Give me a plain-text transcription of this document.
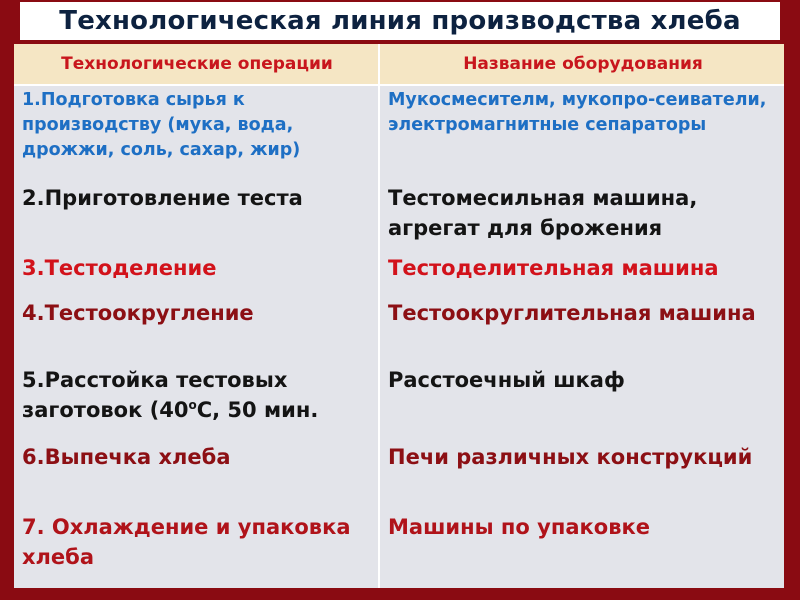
Технологическая линия производства хлеба
Технологические операции	Название оборудования
1.Подготовка сырья к производству (мука, вода, дрожжи, соль, сахар, жир)	Мукосмесителм, мукопро-сеиватели, электромагнитные сепараторы
2.Приготовление теста	Тестомесильная машина, агрегат для брожения
3.Тестоделение	Тестоделительная машина
4.Тестоокругление	Тестоокруглительная машина
5.Расстойка тестовых заготовок ($40^оС$, 50 мин.	Расстоечный шкаф
6.Выпечка хлеба	Печи различных конструкций
7. Охлаждение и упаковка хлеба	Машины по упаковке
